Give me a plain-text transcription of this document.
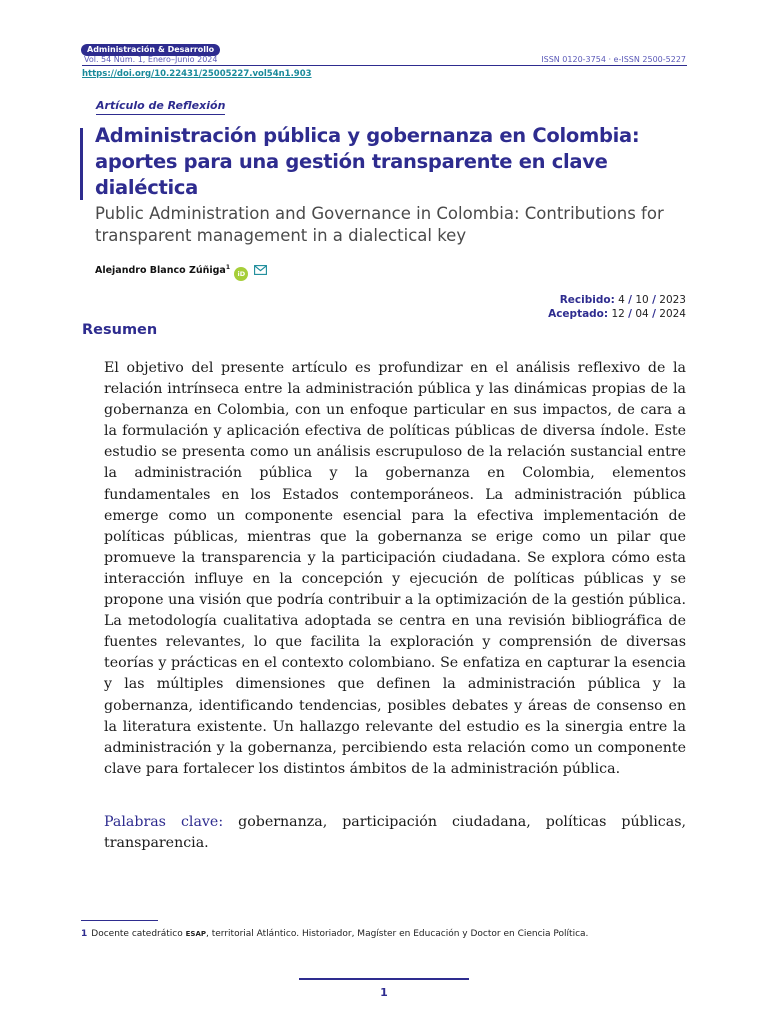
Administración & Desarrollo
Vol. 54 Núm. 1, Enero–Junio 2024	ISSN 0120-3754 · e-ISSN 2500-5227
https://doi.org/10.22431/25005227.vol54n1.903
Artículo de Reflexión
Administración pública y gobernanza en Colombia: aportes para una gestión transparente en clave dialéctica
Public Administration and Governance in Colombia: Contributions for transparent management in a dialectical key
Alejandro Blanco Zúñiga$^1$ iD
Recibido: 4 / 10 / 2023
Aceptado: 12 / 04 / 2024
Resumen

El objetivo del presente artículo es profundizar en el análisis reflexivo de la relación intrínseca entre la administración pública y las dinámicas propias de la gobernanza en Colombia, con un enfoque particular en sus impactos, de cara a la formulación y aplicación efectiva de políticas públicas de diversa índole. Este estudio se presenta como un análisis escrupuloso de la relación sustancial entre la administración pública y la gobernanza en Colombia, elementos fundamentales en los Estados contemporáneos. La administración pública emerge como un componente esencial para la efectiva implementación de políticas públicas, mientras que la gobernanza se erige como un pilar que promueve la transparencia y la participación ciudadana. Se explora cómo esta interacción influye en la concepción y ejecución de políticas públicas y se propone una visión que podría contribuir a la optimización de la gestión pública. La metodología cualitativa adoptada se centra en una revisión bibliográfica de fuentes relevantes, lo que facilita la exploración y comprensión de diversas teorías y prácticas en el contexto colombiano. Se enfatiza en capturar la esencia y las múltiples dimensiones que definen la administración pública y la gobernanza, identificando tendencias, posibles debates y áreas de consenso en la literatura existente. Un hallazgo relevante del estudio es la sinergia entre la administración y la gobernanza, percibiendo esta relación como un componente clave para fortalecer los distintos ámbitos de la administración pública.

Palabras clave: gobernanza, participación ciudadana, políticas públicas, transparencia.

1 Docente catedrático ESAP, territorial Atlántico. Historiador, Magíster en Educación y Doctor en Ciencia Política.
1
